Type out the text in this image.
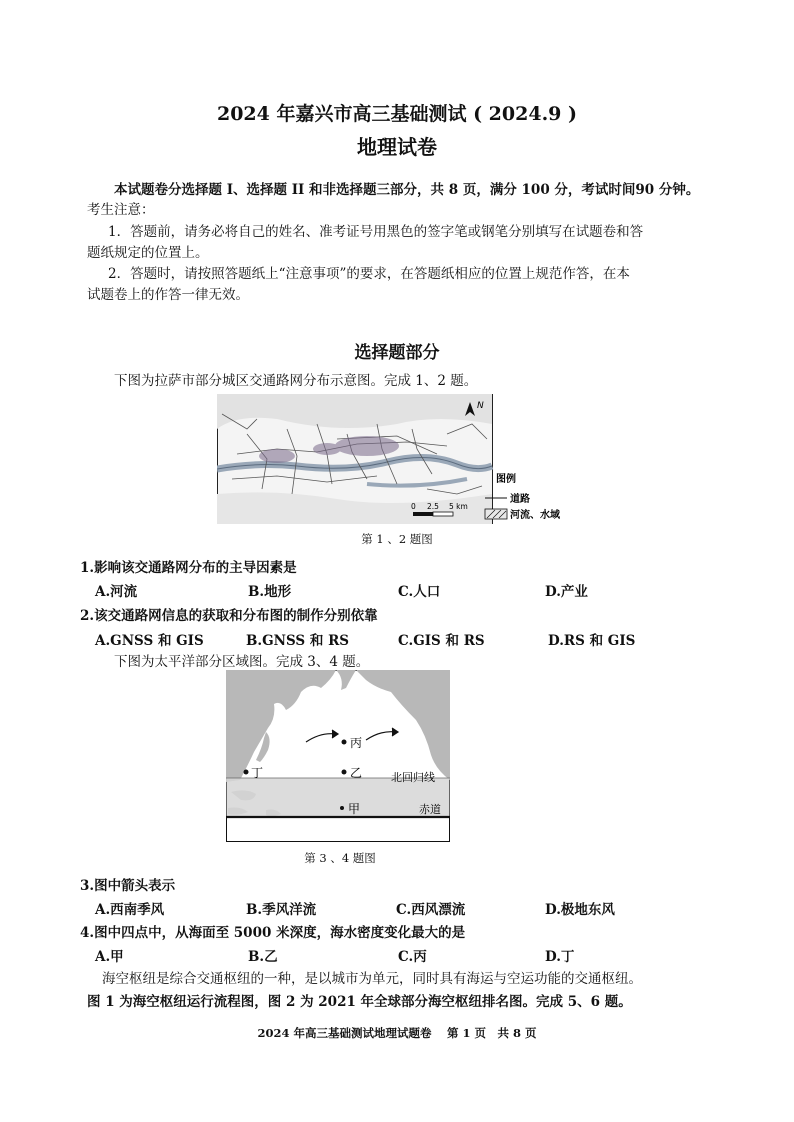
2024 年嘉兴市高三基础测试 ( 2024.9 )
地理试卷
本试题卷分选择题 I、选择题 II 和非选择题三部分，共 8 页，满分 100 分，考试时间90 分钟。
考生注意：
1．答题前，请务必将自己的姓名、准考证号用黑色的签字笔或钢笔分别填写在试题卷和答
题纸规定的位置上。
2．答题时，请按照答题纸上“注意事项”的要求，在答题纸相应的位置上规范作答，在本
试题卷上的作答一律无效。
选择题部分
下图为拉萨市部分城区交通路网分布示意图。完成 1、2 题。
N
0 2.5 5 km
图例
道路
河流、水域
第 1 、2 题图
1.影响该交通路网分布的主导因素是
A.河流	B.地形	C.人口	D.产业
2.该交通路网信息的获取和分布图的制作分别依靠
A.GNSS 和 GIS	B.GNSS 和 RS	C.GIS 和 RS	D.RS 和 GIS
下图为太平洋部分区域图。完成 3、4 题。
丙
乙
丁
甲
北回归线
赤道
第 3 、4 题图
3.图中箭头表示
A.西南季风	B.季风洋流	C.西风漂流	D.极地东风
4.图中四点中，从海面至 5000 米深度，海水密度变化最大的是
A.甲	B.乙	C.丙	D.丁
海空枢纽是综合交通枢纽的一种，是以城市为单元，同时具有海运与空运功能的交通枢纽。
图 1 为海空枢纽运行流程图，图 2 为 2021 年全球部分海空枢纽排名图。完成 5、6 题。
2024 年高三基础测试地理试题卷　 第 1 页　共 8 页
